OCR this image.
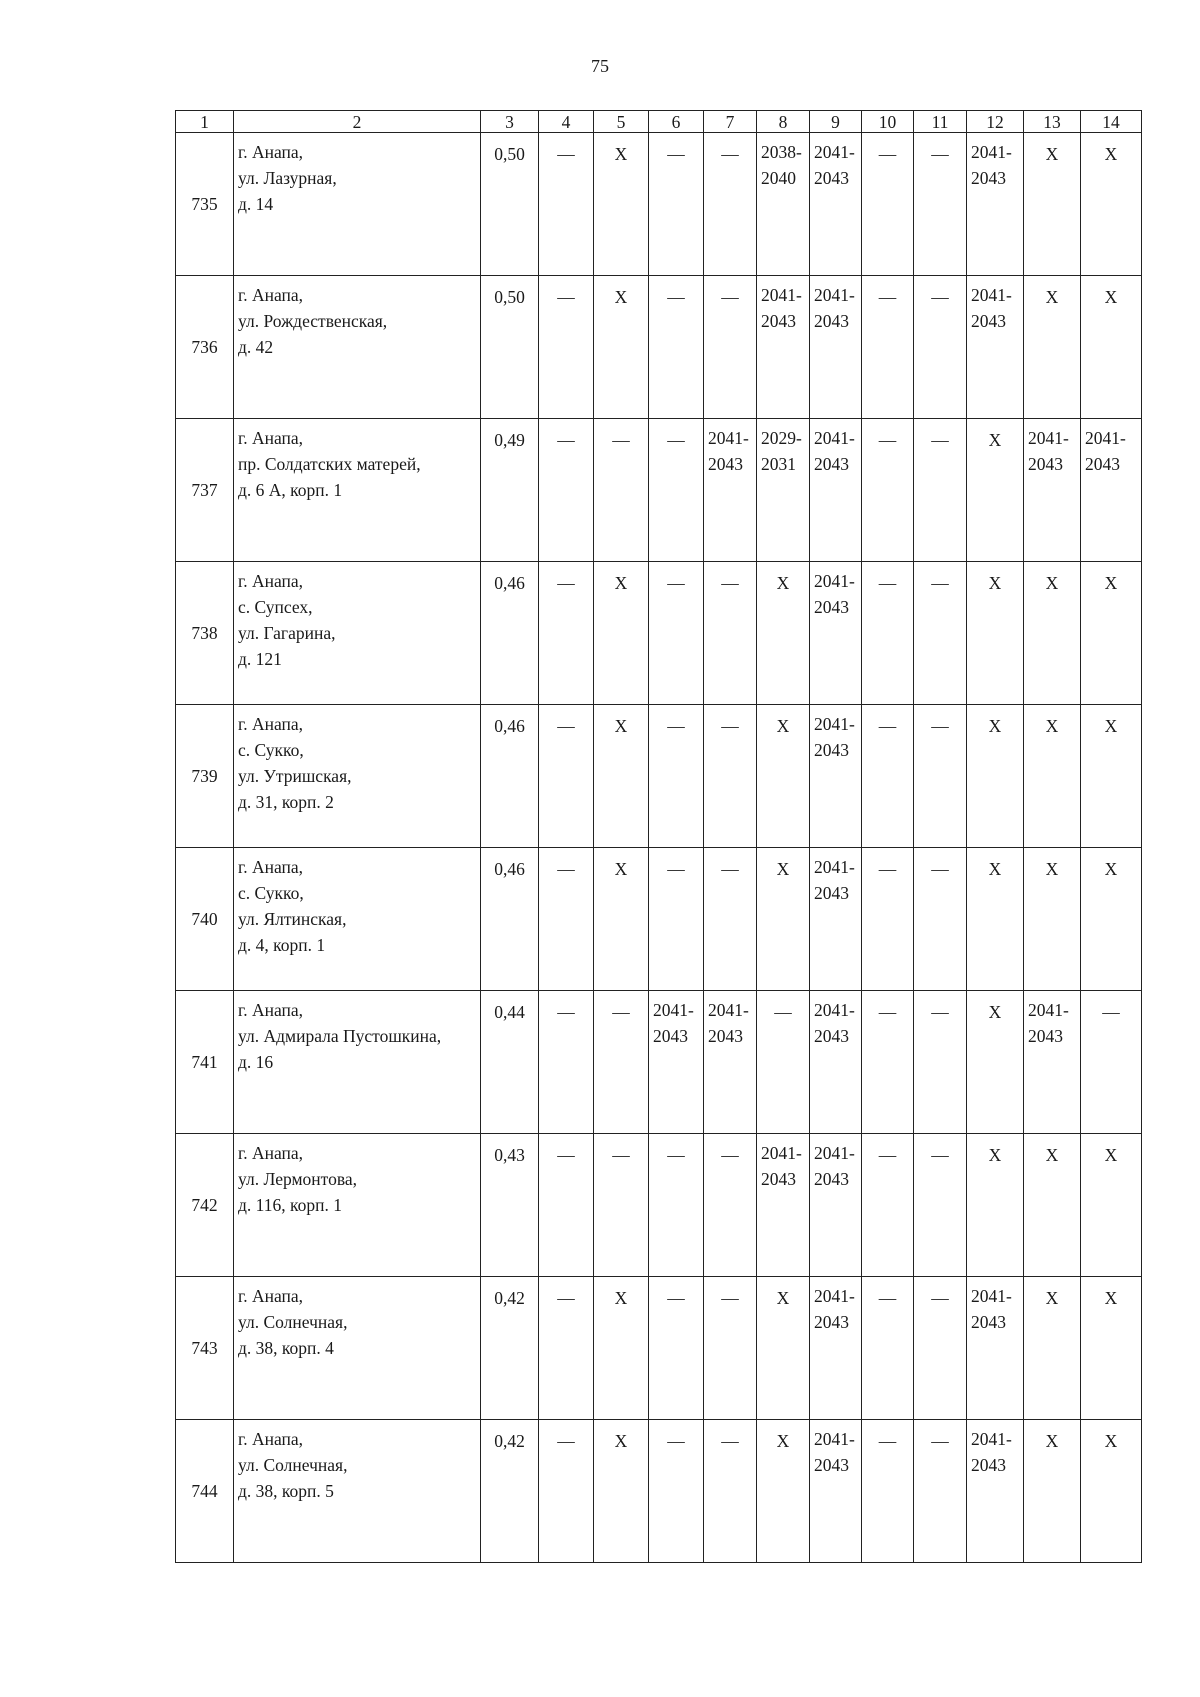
75
1	2	3	4	5	6	7	8	9	10	11	12	13	14
735	г. Анапа,
ул. Лазурная,
д. 14	0,50	—	X	—	—	2038-
2040	2041-
2043	—	—	2041-
2043	X	X
736	г. Анапа,
ул. Рождественская,
д. 42	0,50	—	X	—	—	2041-
2043	2041-
2043	—	—	2041-
2043	X	X
737	г. Анапа,
пр. Солдатских матерей,
д. 6 А, корп. 1	0,49	—	—	—	2041-
2043	2029-
2031	2041-
2043	—	—	X	2041-
2043	2041-
2043
738	г. Анапа,
с. Супсех,
ул. Гагарина,
д. 121	0,46	—	X	—	—	X	2041-
2043	—	—	X	X	X
739	г. Анапа,
с. Сукко,
ул. Утришская,
д. 31, корп. 2	0,46	—	X	—	—	X	2041-
2043	—	—	X	X	X
740	г. Анапа,
с. Сукко,
ул. Ялтинская,
д. 4, корп. 1	0,46	—	X	—	—	X	2041-
2043	—	—	X	X	X
741	г. Анапа,
ул. Адмирала Пустошкина,
д. 16	0,44	—	—	2041-
2043	2041-
2043	—	2041-
2043	—	—	X	2041-
2043	—
742	г. Анапа,
ул. Лермонтова,
д. 116, корп. 1	0,43	—	—	—	—	2041-
2043	2041-
2043	—	—	X	X	X
743	г. Анапа,
ул. Солнечная,
д. 38, корп. 4	0,42	—	X	—	—	X	2041-
2043	—	—	2041-
2043	X	X
744	г. Анапа,
ул. Солнечная,
д. 38, корп. 5	0,42	—	X	—	—	X	2041-
2043	—	—	2041-
2043	X	X
